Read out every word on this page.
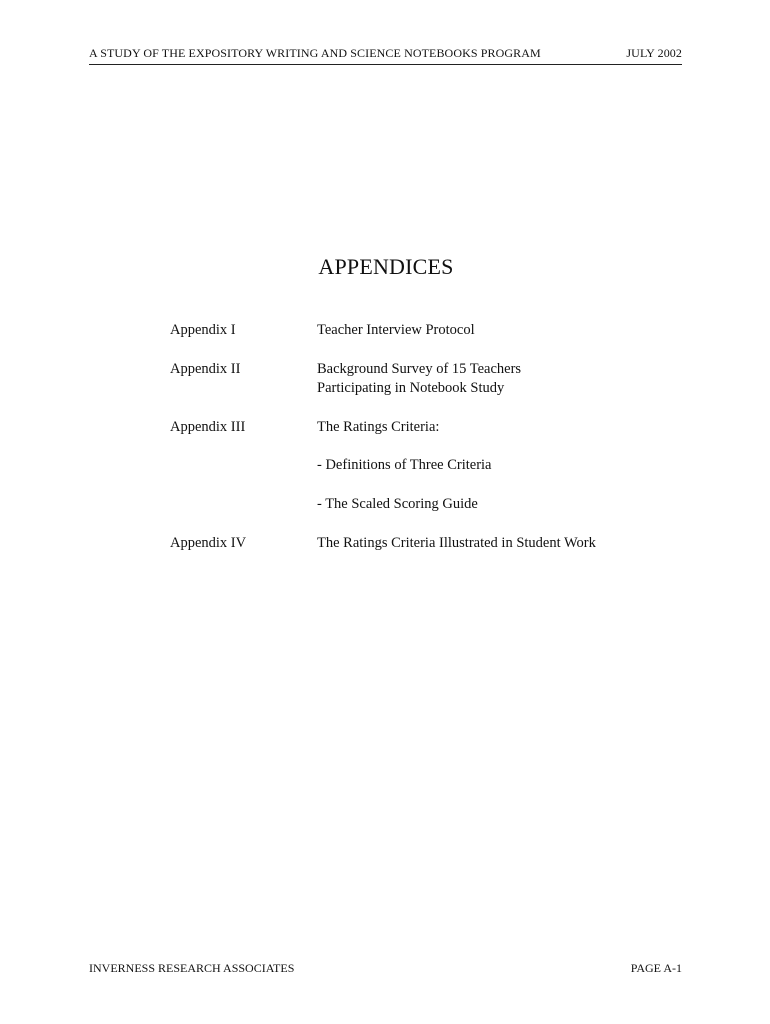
A STUDY OF THE EXPOSITORY WRITING AND SCIENCE NOTEBOOKS PROGRAM	JULY 2002
APPENDICES
Appendix I	Teacher Interview Protocol
Appendix II	Background Survey of 15 Teachers
Participating in Notebook Study
Appendix III	The Ratings Criteria:
- Definitions of Three Criteria
- The Scaled Scoring Guide
Appendix IV	The Ratings Criteria Illustrated in Student Work
INVERNESS RESEARCH ASSOCIATES	PAGE A-1
